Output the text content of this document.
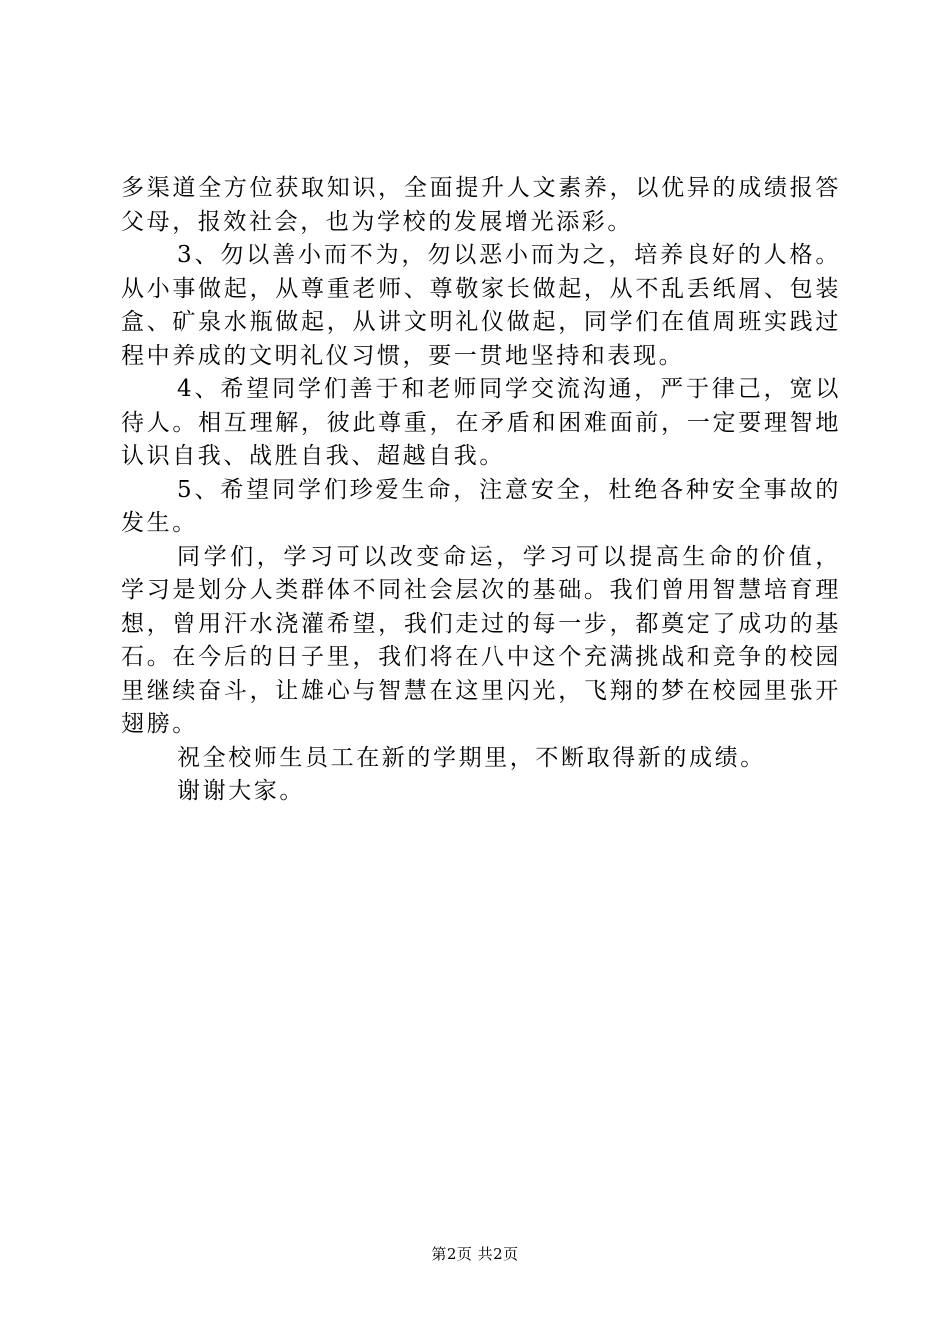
多渠道全方位获取知识，全面提升人文素养，以优异的成绩报答父母，报效社会，也为学校的发展增光添彩。

3、勿以善小而不为，勿以恶小而为之，培养良好的人格。从小事做起，从尊重老师、尊敬家长做起，从不乱丢纸屑、包装盒、矿泉水瓶做起，从讲文明礼仪做起，同学们在值周班实践过程中养成的文明礼仪习惯，要一贯地坚持和表现。

4、希望同学们善于和老师同学交流沟通，严于律己，宽以待人。相互理解，彼此尊重，在矛盾和困难面前，一定要理智地认识自我、战胜自我、超越自我。

5、希望同学们珍爱生命，注意安全，杜绝各种安全事故的发生。

同学们，学习可以改变命运，学习可以提高生命的价值，学习是划分人类群体不同社会层次的基础。我们曾用智慧培育理想，曾用汗水浇灌希望，我们走过的每一步，都奠定了成功的基石。在今后的日子里，我们将在八中这个充满挑战和竞争的校园里继续奋斗，让雄心与智慧在这里闪光，飞翔的梦在校园里张开翅膀。

祝全校师生员工在新的学期里，不断取得新的成绩。

谢谢大家。

第2页 共2页
